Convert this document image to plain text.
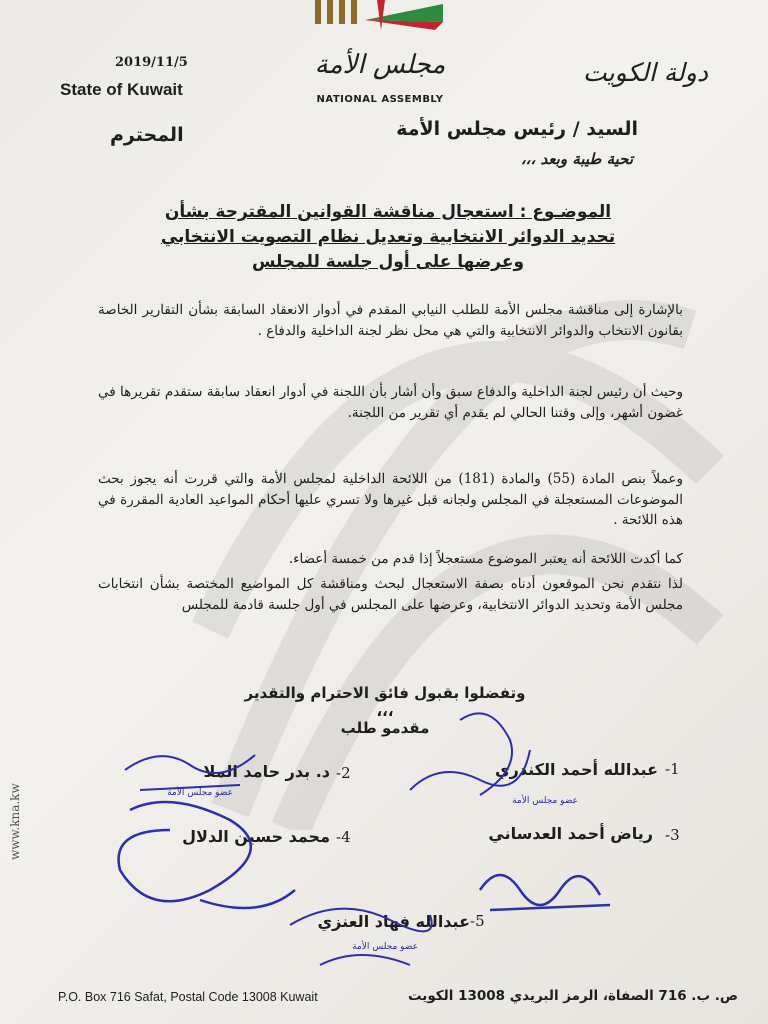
2019/11/5
State of Kuwait
مجلس الأمة
NATIONAL ASSEMBLY
دولة الكويت
السيد / رئيس مجلس الأمة
المحترم
تحية طيبة وبعد ،،،
الموضـوع : استعجال مناقشة القوانين المقترحة بشأن
تحديد الدوائر الانتخابية وتعديل نظام التصويت الانتخابي
وعرضها على أول جلسة للمجلس
بالإشارة إلى مناقشة مجلس الأمة للطلب النيابي المقدم في أدوار الانعقاد السابقة بشأن التقارير الخاصة بقانون الانتخاب والدوائر الانتخابية والتي هي محل نظر لجنة الداخلية والدفاع .
وحيث أن رئيس لجنة الداخلية والدفاع سبق وأن أشار بأن اللجنة في أدوار انعقاد سابقة ستقدم تقريرها في غضون أشهر، وإلى وقتنا الحالي لم يقدم أي تقرير من اللجنة.
وعملاً بنص المادة (55) والمادة (181) من اللائحة الداخلية لمجلس الأمة والتي قررت أنه يجوز بحث الموضوعات المستعجلة في المجلس ولجانه قبل غيرها ولا تسري عليها أحكام المواعيد العادية المقررة في هذه اللائحة .
كما أكدت اللائحة أنه يعتبر الموضوع مستعجلاً إذا قدم من خمسة أعضاء.
لذا نتقدم نحن الموقعون أدناه بصفة الاستعجال لبحث ومناقشة كل المواضيع المختصة بشأن انتخابات مجلس الأمة وتحديد الدوائر الانتخابية، وعرضها على المجلس في أول جلسة قادمة للمجلس
وتفضلوا بقبول فائق الاحترام والتقدير ،،،
مقدمو طلب
-1
عبدالله أحمد الكندري
عضو مجلس الأمة
-2
د. بدر حامد الملا
عضو مجلس الأمة
-3
رياض أحمد العدساني
-4
محمد حسين الدلال
-5
عبدالله فهاد العنزي
عضو مجلس الأمة
www.kna.kw
P.O. Box 716 Safat, Postal Code 13008 Kuwait	ص. ب. 716 الصفاة، الرمز البريدي 13008 الكويت
